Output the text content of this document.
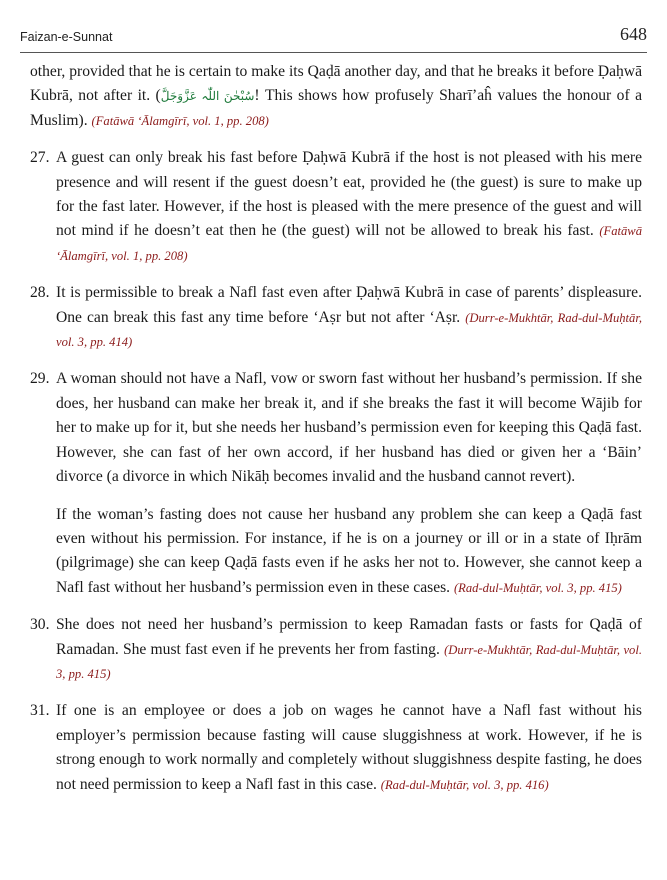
Faizan-e-Sunnat	648

other, provided that he is certain to make its Qaḍā another day, and that he breaks it before Ḍaḥwā Kubrā, not after it. (سُبْحٰنَ اللّٰہ عَزَّوَجَلَّ! This shows how profusely Sharī’aĥ values the honour of a Muslim). (Fatāwā ‘Ālamgīrī, vol. 1, pp. 208)

27. A guest can only break his fast before Ḍaḥwā Kubrā if the host is not pleased with his mere presence and will resent if the guest doesn’t eat, provided he (the guest) is sure to make up for the fast later. However, if the host is pleased with the mere presence of the guest and will not mind if he doesn’t eat then he (the guest) will not be allowed to break his fast. (Fatāwā ‘Ālamgīrī, vol. 1, pp. 208)
28. It is permissible to break a Nafl fast even after Ḍaḥwā Kubrā in case of parents’ displeasure. One can break this fast any time before ‘Aṣr but not after ‘Aṣr. (Durr-e-Mukhtār, Rad-dul-Muḥtār, vol. 3, pp. 414)
29. A woman should not have a Nafl, vow or sworn fast without her husband’s permission. If she does, her husband can make her break it, and if she breaks the fast it will become Wājib for her to make up for it, but she needs her husband’s permission even for keeping this Qaḍā fast. However, she can fast of her own accord, if her husband has died or given her a ‘Bāin’ divorce (a divorce in which Nikāḥ becomes invalid and the husband cannot revert).
If the woman’s fasting does not cause her husband any problem she can keep a Qaḍā fast even without his permission. For instance, if he is on a journey or ill or in a state of Iḥrām (pilgrimage) she can keep Qaḍā fasts even if he asks her not to. However, she cannot keep a Nafl fast without her husband’s permission even in these cases. (Rad-dul-Muḥtār, vol. 3, pp. 415)
30. She does not need her husband’s permission to keep Ramadan fasts or fasts for Qaḍā of Ramadan. She must fast even if he prevents her from fasting. (Durr-e-Mukhtār, Rad-dul-Muḥtār, vol. 3, pp. 415)
31. If one is an employee or does a job on wages he cannot have a Nafl fast without his employer’s permission because fasting will cause sluggishness at work. However, if he is strong enough to work normally and completely without sluggishness despite fasting, he does not need permission to keep a Nafl fast in this case. (Rad-dul-Muḥtār, vol. 3, pp. 416)
